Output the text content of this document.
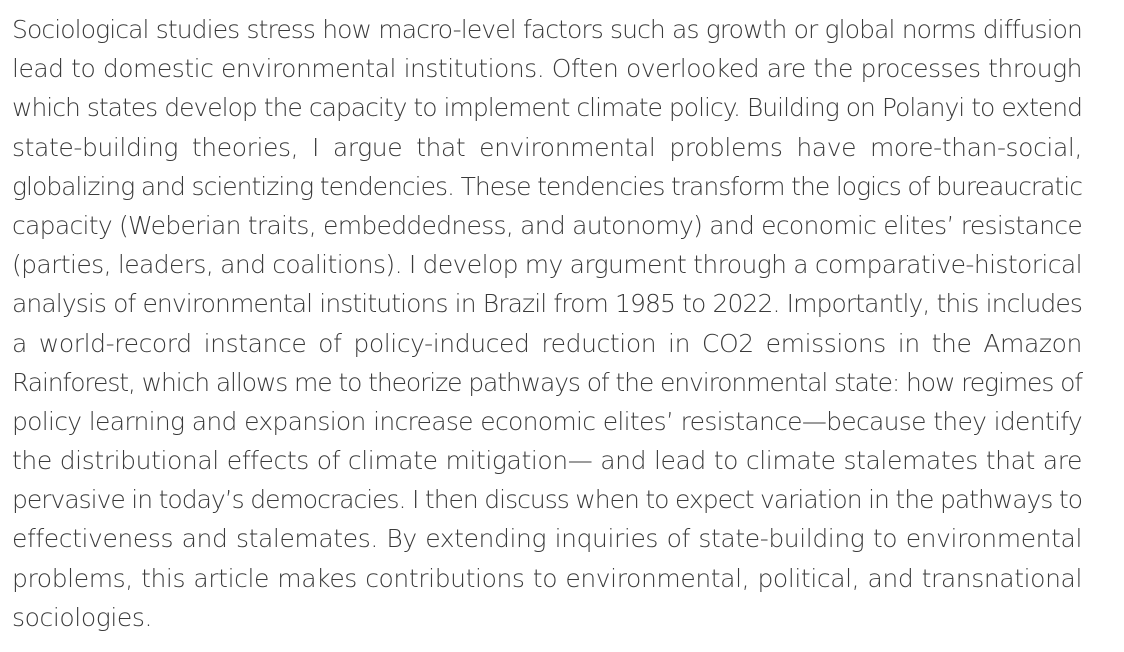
Sociological studies stress how macro-level factors such as growth or global norms diffusion
lead to domestic environmental institutions. Often overlooked are the processes through
which states develop the capacity to implement climate policy. Building on Polanyi to extend
state-building theories, I argue that environmental problems have more-than-social,
globalizing and scientizing tendencies. These tendencies transform the logics of bureaucratic
capacity (Weberian traits, embeddedness, and autonomy) and economic elites’ resistance
(parties, leaders, and coalitions). I develop my argument through a comparative-historical
analysis of environmental institutions in Brazil from 1985 to 2022. Importantly, this includes
a world-record instance of policy-induced reduction in CO2 emissions in the Amazon
Rainforest, which allows me to theorize pathways of the environmental state: how regimes of
policy learning and expansion increase economic elites’ resistance—because they identify
the distributional effects of climate mitigation— and lead to climate stalemates that are
pervasive in today’s democracies. I then discuss when to expect variation in the pathways to
effectiveness and stalemates. By extending inquiries of state-building to environmental
problems, this article makes contributions to environmental, political, and transnational
sociologies.
